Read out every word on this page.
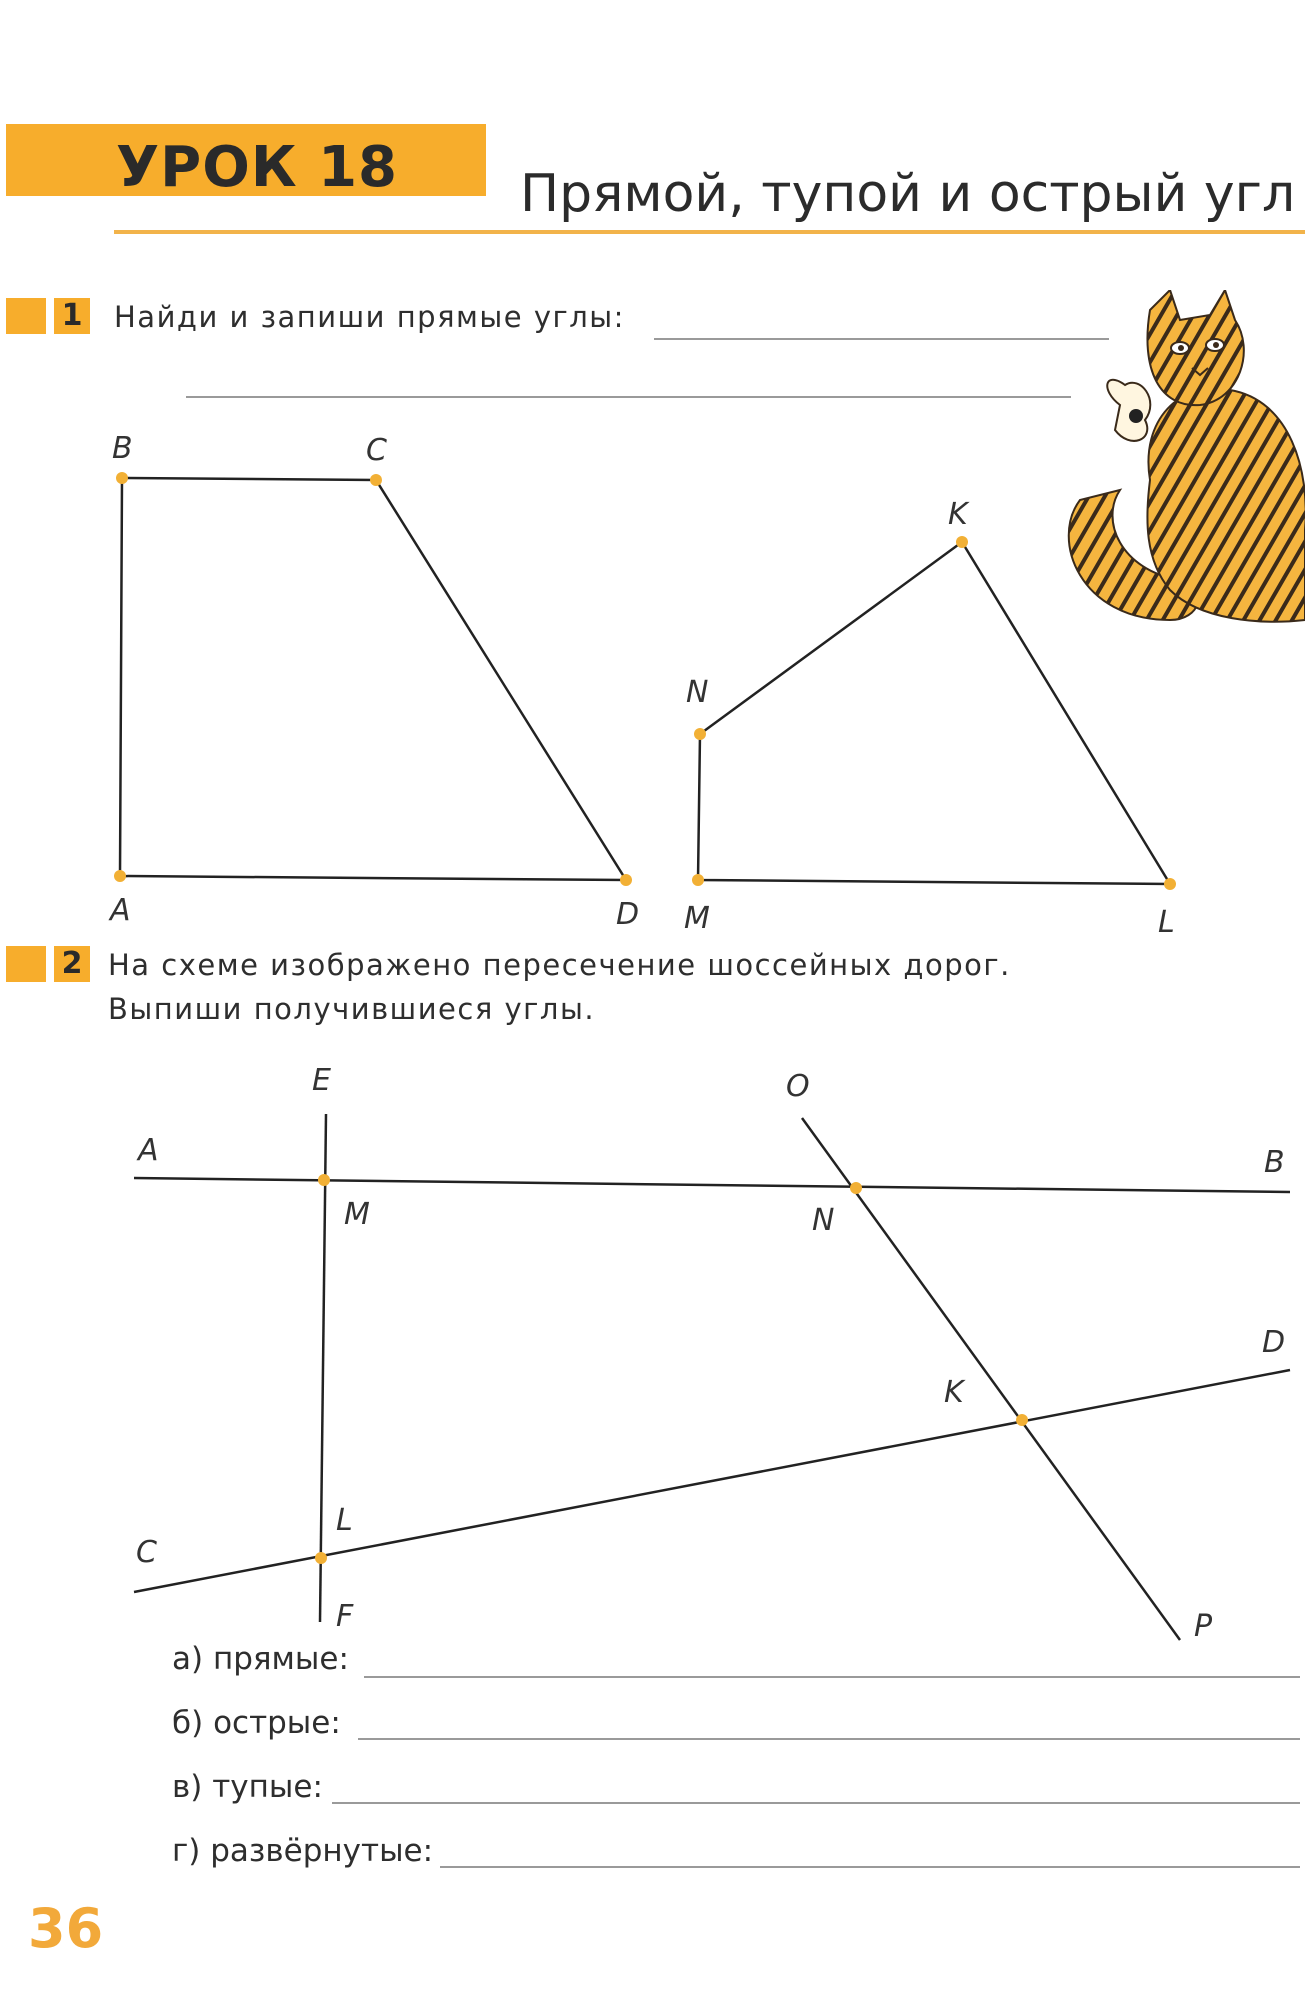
УРОК 18 Прямой, тупой и острый угл
1 Найди и запиши прямые углы:
B	C
A	D
K
N
M	L
2 На схеме изображено пересечение шоссейных дорог.
Выпиши получившиеся углы.
E	O
A	B
M	N
D
K
L
C
F	P
а) прямые:
б) острые:
в) тупые:
г) развёрнутые:
36
